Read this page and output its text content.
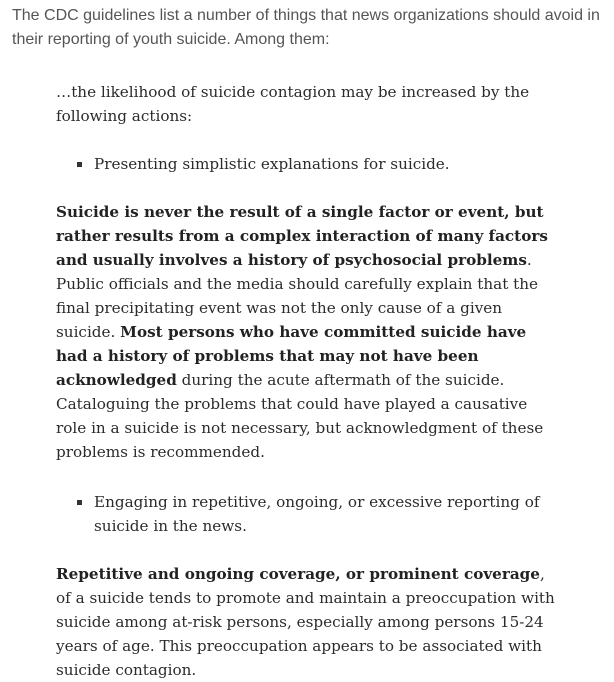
The CDC guidelines list a number of things that news organizations should avoid in their reporting of youth suicide. Among them:

…the likelihood of suicide contagion may be increased by the following actions:

Presenting simplistic explanations for suicide.

Suicide is never the result of a single factor or event, but rather results from a complex interaction of many factors and usually involves a history of psychosocial problems. Public officials and the media should carefully explain that the final precipitating event was not the only cause of a given suicide. Most persons who have committed suicide have had a history of problems that may not have been acknowledged during the acute aftermath of the suicide. Cataloguing the problems that could have played a causative role in a suicide is not necessary, but acknowledgment of these problems is recommended.

Engaging in repetitive, ongoing, or excessive reporting of suicide in the news.

Repetitive and ongoing coverage, or prominent coverage, of a suicide tends to promote and maintain a preoccupation with suicide among at-risk persons, especially among persons 15-24 years of age. This preoccupation appears to be associated with suicide contagion.
